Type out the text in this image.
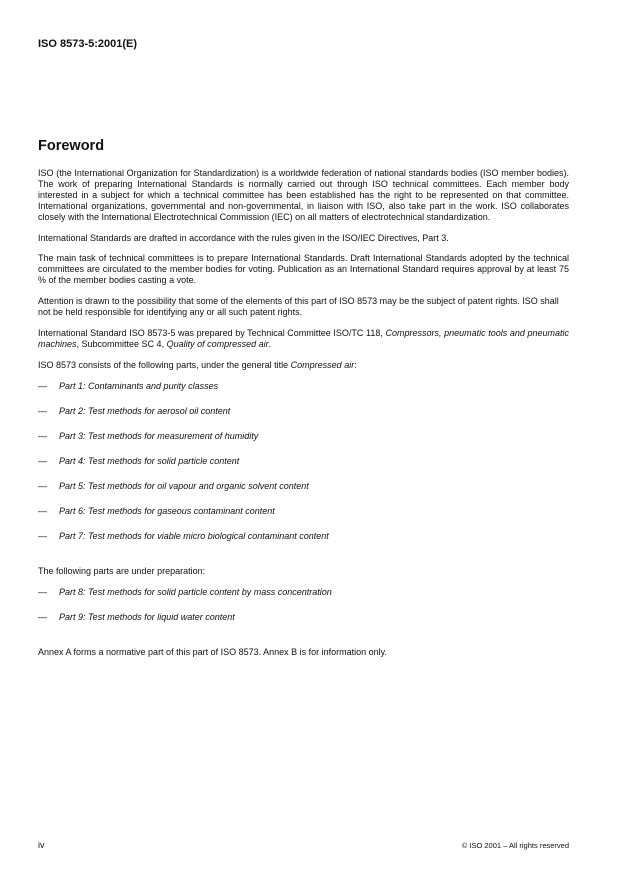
ISO 8573-5:2001(E)
Foreword

ISO (the International Organization for Standardization) is a worldwide federation of national standards bodies (ISO member bodies). The work of preparing International Standards is normally carried out through ISO technical committees. Each member body interested in a subject for which a technical committee has been established has the right to be represented on that committee. International organizations, governmental and non-governmental, in liaison with ISO, also take part in the work. ISO collaborates closely with the International Electrotechnical Commission (IEC) on all matters of electrotechnical standardization.

International Standards are drafted in accordance with the rules given in the ISO/IEC Directives, Part 3.

The main task of technical committees is to prepare International Standards. Draft International Standards adopted by the technical committees are circulated to the member bodies for voting. Publication as an International Standard requires approval by at least 75 % of the member bodies casting a vote.

Attention is drawn to the possibility that some of the elements of this part of ISO 8573 may be the subject of patent rights. ISO shall not be held responsible for identifying any or all such patent rights.

International Standard ISO 8573-5 was prepared by Technical Committee ISO/TC 118, Compressors, pneumatic tools and pneumatic machines, Subcommittee SC 4, Quality of compressed air.

ISO 8573 consists of the following parts, under the general title Compressed air:

—	Part 1: Contaminants and purity classes
—	Part 2: Test methods for aerosol oil content
—	Part 3: Test methods for measurement of humidity
—	Part 4: Test methods for solid particle content
—	Part 5: Test methods for oil vapour and organic solvent content
—	Part 6: Test methods for gaseous contaminant content
—	Part 7: Test methods for viable micro biological contaminant content

The following parts are under preparation:

—	Part 8: Test methods for solid particle content by mass concentration
—	Part 9: Test methods for liquid water content

Annex A forms a normative part of this part of ISO 8573. Annex B is for information only.

iv	© ISO 2001 – All rights reserved
